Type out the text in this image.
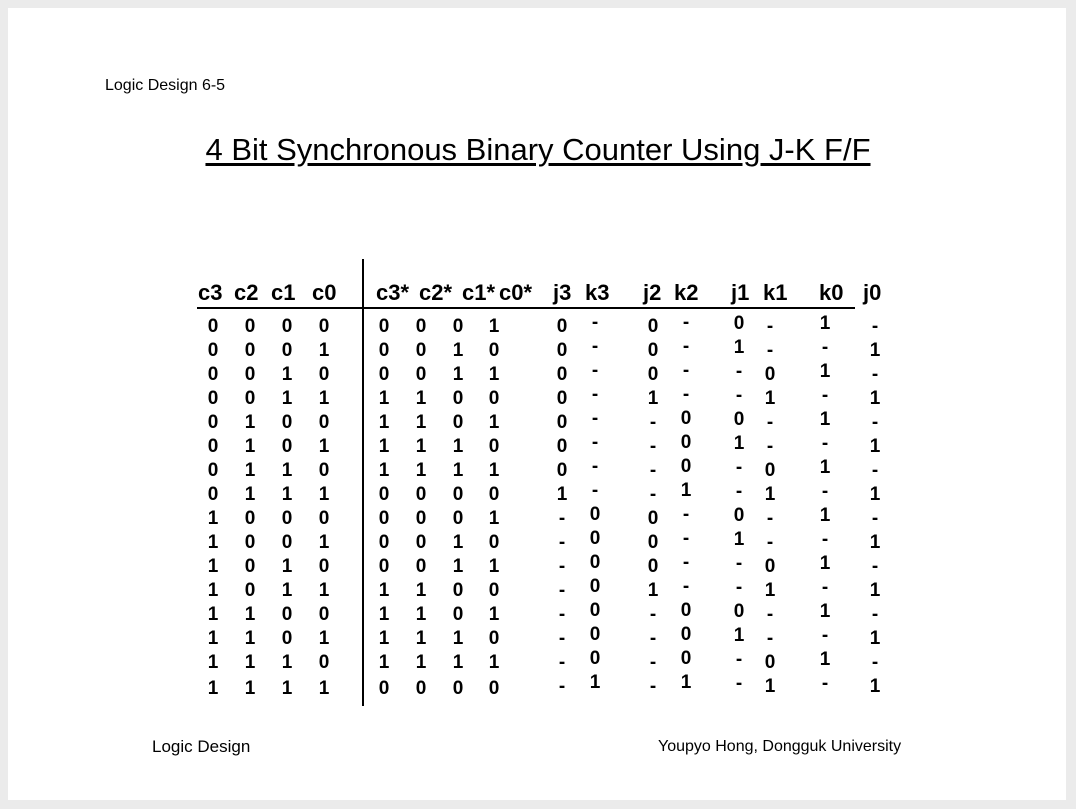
Logic Design 6-5
4 Bit Synchronous Binary Counter Using J-K F/F
c3 c2 c1 c0 c3* c2* c1* c0* j3 k3 j2 k2 j1 k1 k0 j0
0 0 0 0
0 0 0 1
0 0 1 0
0 0 1 1
0 1 0 0
0 1 0 1
0 1 1 0
0 1 1 1
1 0 0 0
1 0 0 1
1 0 1 0
1 0 1 1
1 1 0 0
1 1 0 1
1 1 1 0
1 1 1 1
0 0 0 1
0 0 1 0
0 0 1 1
1 1 0 0
1 1 0 1
1 1 1 0
1 1 1 1
0 0 0 0
0 0 0 1
0 0 1 0
0 0 1 1
1 1 0 0
1 1 0 1
1 1 1 0
1 1 1 1
0 0 0 0
0
0
0
0
0
0
0
1
-
-
-
-
-
-
-
-
-
-
-
-
-
-
-
-
0
0
0
0
0
0
0
1
0
0
0
1
-
-
-
-
0
0
0
1
-
-
-
-
-
-
-
-
0
0
0
1
-
-
-
-
0
0
0
1
0
1
-
-
0
1
-
-
0
1
-
-
0
1
-
-
-
-
0
1
-
-
0
1
-
-
0
1
-
-
0
1
1
-
1
-
1
-
1
-
1
-
1
-
1
-
1
-
-
1
-
1
-
1
-
1
-
1
-
1
-
1
-
1
Logic Design	Youpyo Hong, Dongguk University
